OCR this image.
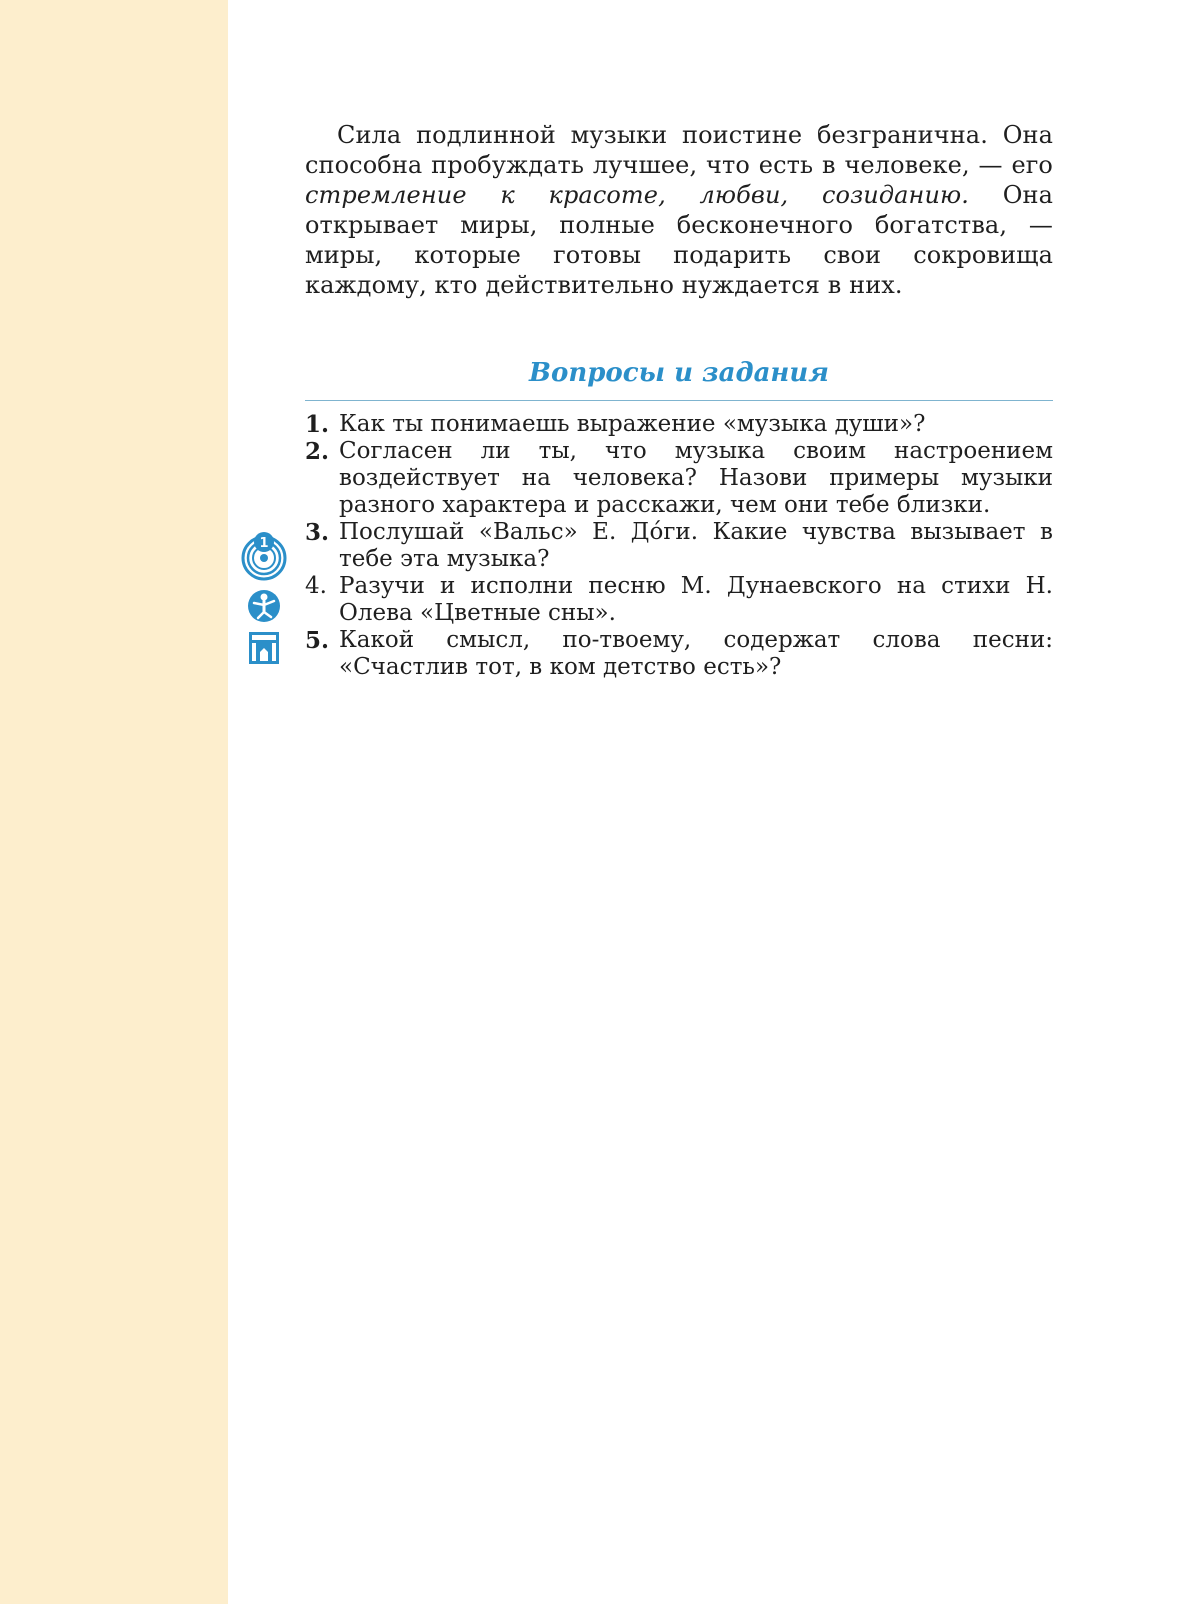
Сила подлинной музыки поистине безгранична. Она способна пробуждать лучшее, что есть в человеке, — его стремление к красоте, любви, созиданию. Она открывает миры, полные бесконечного богатства, — миры, которые готовы подарить свои сокровища каждому, кто действительно нуждается в них.

Вопросы и задания
1. Как ты понимаешь выражение «музыка души»?
2. Согласен ли ты, что музыка своим настроением воздействует на человека? Назови примеры музыки разного характера и расскажи, чем они тебе близки.
3. Послушай «Вальс» Е. До́ги. Какие чувства вызывает в тебе эта музыка?
4. Разучи и исполни песню М. Дунаевского на стихи Н. Олева «Цветные сны».
5. Какой смысл, по-твоему, содержат слова песни: «Счастлив тот, в ком детство есть»?
1
